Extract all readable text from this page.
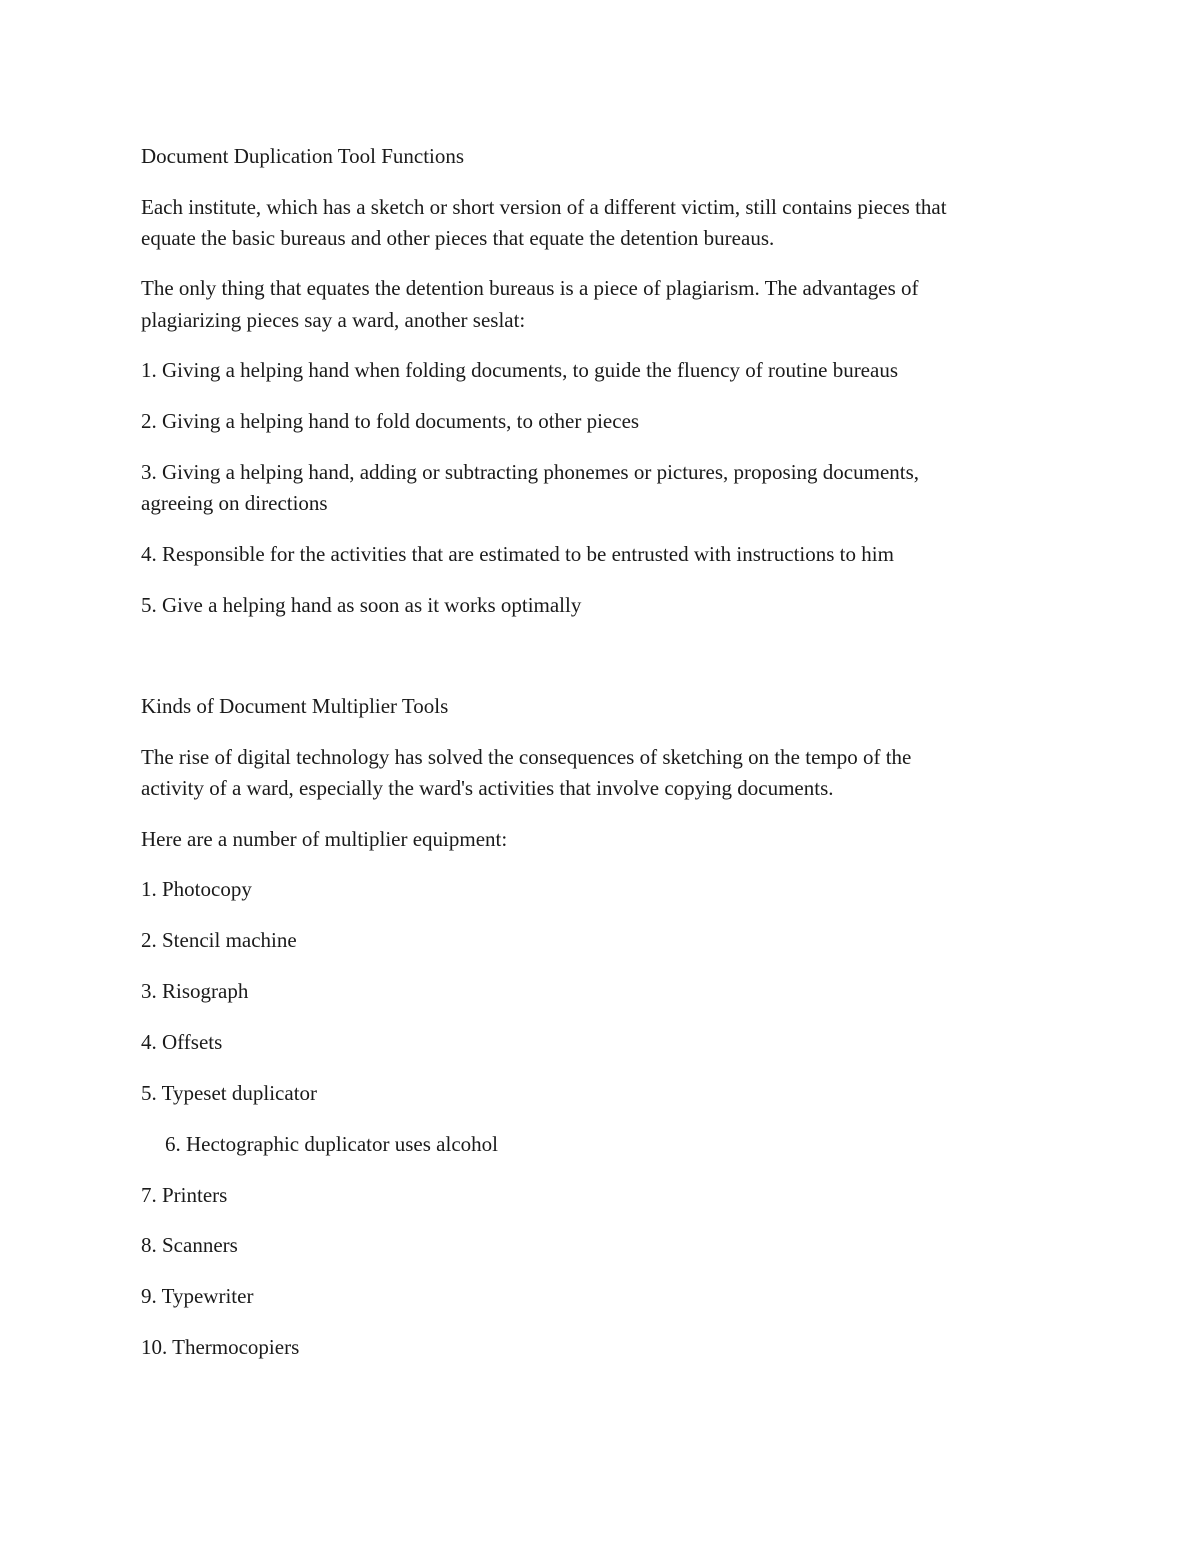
Document Duplication Tool Functions

Each institute, which has a sketch or short version of a different victim, still contains pieces that

equate the basic bureaus and other pieces that equate the detention bureaus.

The only thing that equates the detention bureaus is a piece of plagiarism. The advantages of

plagiarizing pieces say a ward, another seslat:

1. Giving a helping hand when folding documents, to guide the fluency of routine bureaus

2. Giving a helping hand to fold documents, to other pieces

3. Giving a helping hand, adding or subtracting phonemes or pictures, proposing documents,

agreeing on directions

4. Responsible for the activities that are estimated to be entrusted with instructions to him

5. Give a helping hand as soon as it works optimally

Kinds of Document Multiplier Tools

The rise of digital technology has solved the consequences of sketching on the tempo of the

activity of a ward, especially the ward's activities that involve copying documents.

Here are a number of multiplier equipment:

1. Photocopy

2. Stencil machine

3. Risograph

4. Offsets

5. Typeset duplicator

6. Hectographic duplicator uses alcohol

7. Printers

8. Scanners

9. Typewriter

10. Thermocopiers
